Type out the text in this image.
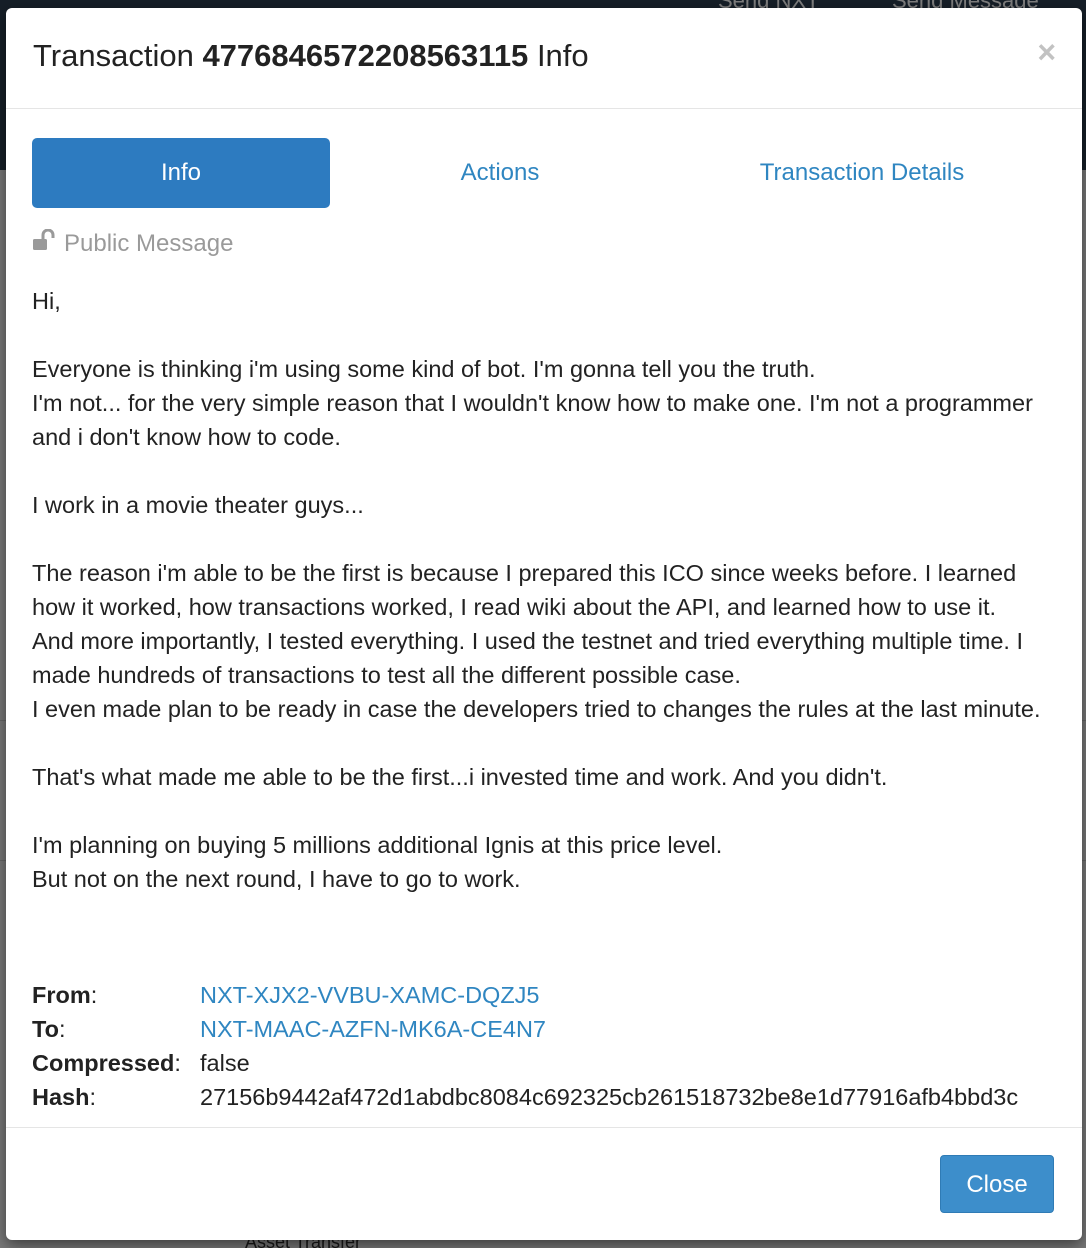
Transaction 4776846572208563115 Info	×
Info	Actions	Transaction Details
Public Message

Hi,

Everyone is thinking i'm using some kind of bot. I'm gonna tell you the truth.

I'm not... for the very simple reason that I wouldn't know how to make one. I'm not a programmer and i don't know how to code.

I work in a movie theater guys...

The reason i'm able to be the first is because I prepared this ICO since weeks before. I learned how it worked, how transactions worked, I read wiki about the API, and learned how to use it.

And more importantly, I tested everything. I used the testnet and tried everything multiple time. I made hundreds of transactions to test all the different possible case.

I even made plan to be ready in case the developers tried to changes the rules at the last minute.

That's what made me able to be the first...i invested time and work. And you didn't.

I'm planning on buying 5 millions additional Ignis at this price level.

But not on the next round, I have to go to work.

From:	NXT-XJX2-VVBU-XAMC-DQZJ5
To:	NXT-MAAC-AZFN-MK6A-CE4N7
Compressed: false
Hash:	27156b9442af472d1abdbc8084c692325cb261518732be8e1d77916afb4bbd3c
Close
